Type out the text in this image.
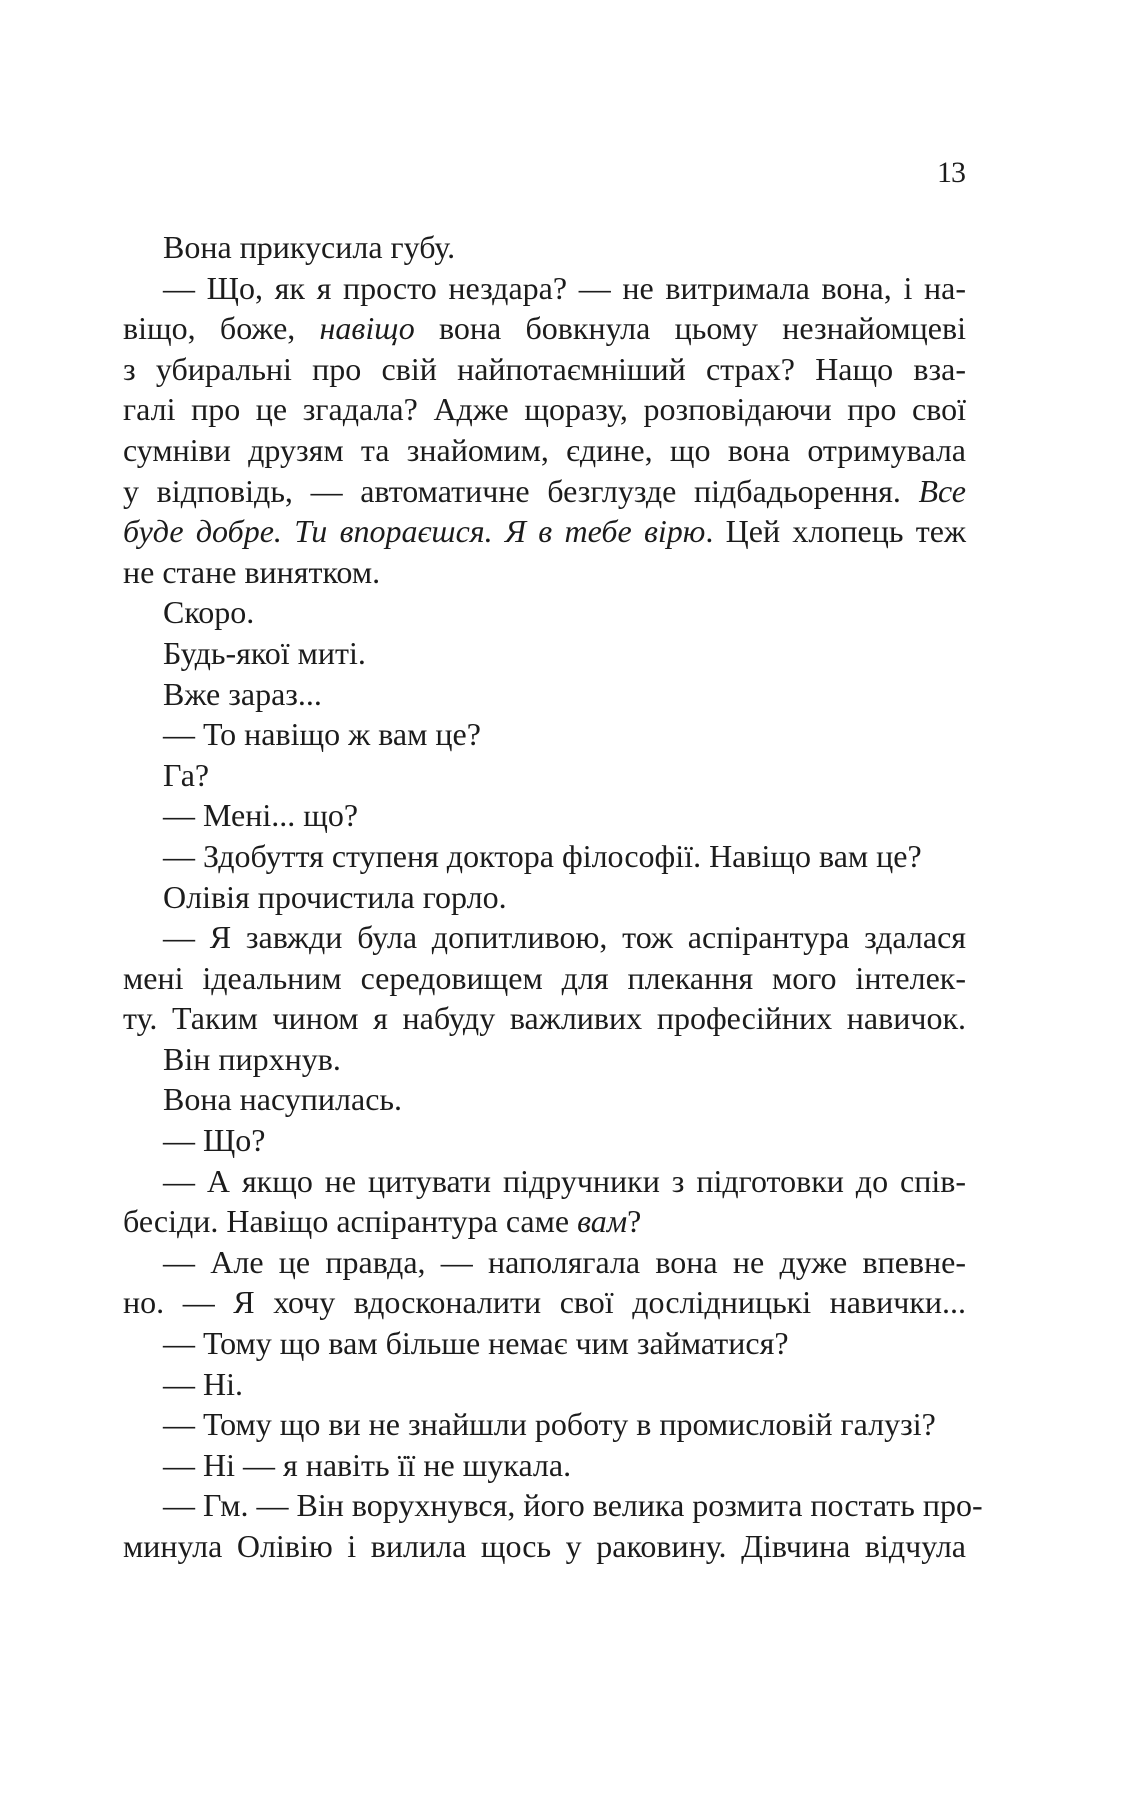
13
Вона прикусила губу.
— Що, як я просто нездара? — не витримала вона, і на-
віщо, боже, навіщо вона бовкнула цьому незнайомцеві
з убиральні про свій найпотаємніший страх? Нащо вза-
галі про це згадала? Адже щоразу, розповідаючи про свої
сумніви друзям та знайомим, єдине, що вона отримувала
у відповідь, — автоматичне безглузде підбадьорення. Все
буде добре. Ти впораєшся. Я в тебе вірю. Цей хлопець теж
не стане винятком.
Скоро.
Будь-якої миті.
Вже зараз...
— То навіщо ж вам це?
Га?
— Мені... що?
— Здобуття ступеня доктора філософії. Навіщо вам це?
Олівія прочистила горло.
— Я завжди була допитливою, тож аспірантура здалася
мені ідеальним середовищем для плекання мого інтелек-
ту. Таким чином я набуду важливих професійних навичок.
Він пирхнув.
Вона насупилась.
— Що?
— А якщо не цитувати підручники з підготовки до спів-
бесіди. Навіщо аспірантура саме вам?
— Але це правда, — наполягала вона не дуже впевне-
но. — Я хочу вдосконалити свої дослідницькі навички...
— Тому що вам більше немає чим займатися?
— Ні.
— Тому що ви не знайшли роботу в промисловій галузі?
— Ні — я навіть її не шукала.
— Гм. — Він ворухнувся, його велика розмита постать про-
минула Олівію і вилила щось у раковину. Дівчина відчула
